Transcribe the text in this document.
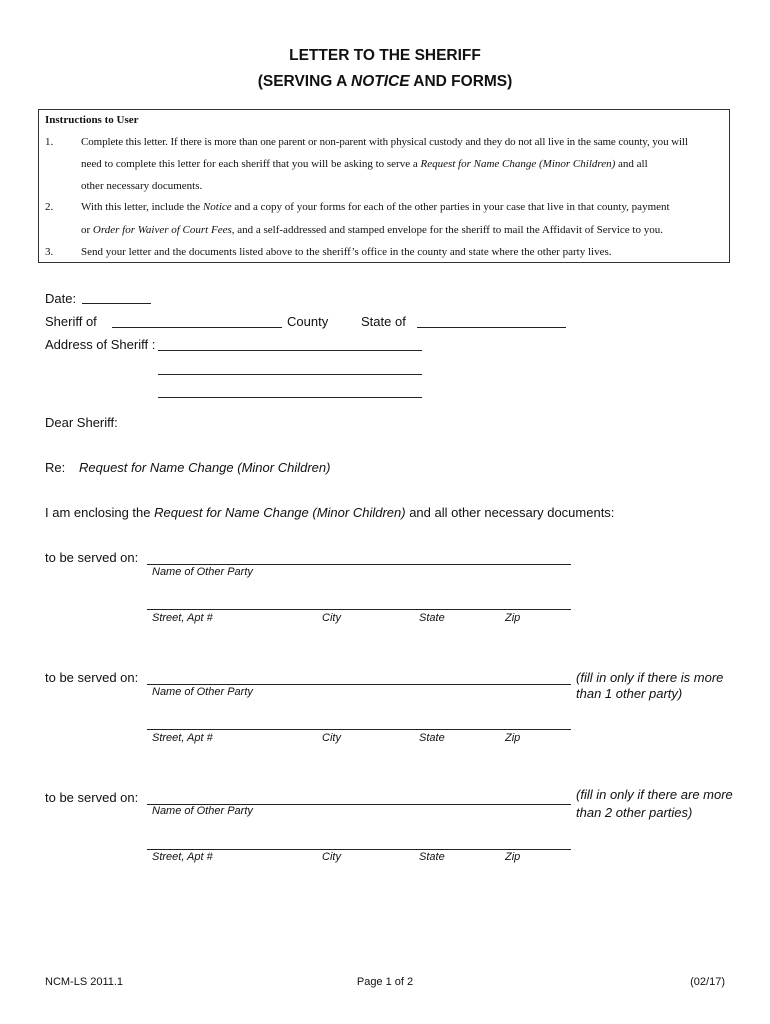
LETTER TO THE SHERIFF
(SERVING A NOTICE AND FORMS)
Instructions to User
1.	Complete this letter. If there is more than one parent or non-parent with physical custody and they do not all live in the same county, you will
need to complete this letter for each sheriff that you will be asking to serve a Request for Name Change (Minor Children) and all
other necessary documents.
2.	With this letter, include the Notice and a copy of your forms for each of the other parties in your case that live in that county, payment
or Order for Waiver of Court Fees, and a self-addressed and stamped envelope for the sheriff to mail the Affidavit of Service to you.
3.	Send your letter and the documents listed above to the sheriff’s office in the county and state where the other party lives.
Date:
Sheriff of	County	State of
Address of Sheriff :
Dear Sheriff:
Re: Request for Name Change (Minor Children)
I am enclosing the Request for Name Change (Minor Children) and all other necessary documents:
to be served on:
Name of Other Party
Street, Apt #	City	State	Zip
to be served on:
Name of Other Party
(fill in only if there is more
than 1 other party)
Street, Apt #	City	State	Zip
to be served on:
Name of Other Party
(fill in only if there are more
than 2 other parties)
Street, Apt #	City	State	Zip
NCM-LS 2011.1	Page 1 of 2	(02/17)
